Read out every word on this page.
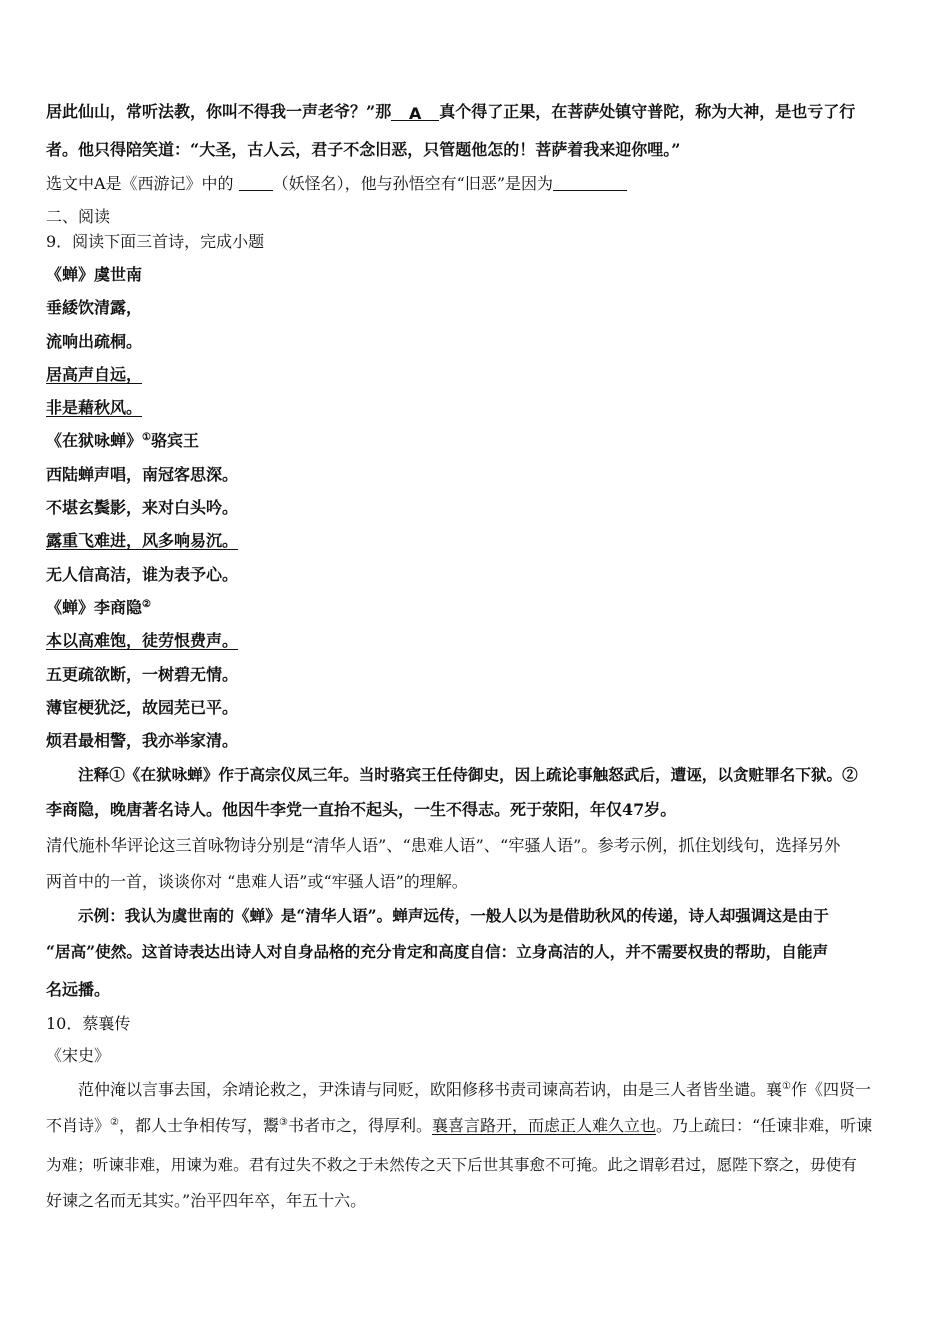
居此仙山，常听法教，你叫不得我一声老爷？”那 A 真个得了正果，在菩萨处镇守普陀，称为大神，是也亏了行
者。他只得陪笑道：“大圣，古人云，君子不念旧恶，只管题他怎的！菩萨着我来迎你哩。”
选文中A是《西游记》中的 （妖怪名），他与孙悟空有“旧恶”是因为
二、阅读
9．阅读下面三首诗，完成小题
《蝉》虞世南
垂緌饮清露，
流响出疏桐。
居高声自远，
非是藉秋风。
《在狱咏蝉》①骆宾王
西陆蝉声唱，南冠客思深。
不堪玄鬓影，来对白头吟。
露重飞难进，风多响易沉。
无人信高洁，谁为表予心。
《蝉》李商隐②
本以高难饱，徒劳恨费声。
五更疏欲断，一树碧无情。
薄宦梗犹泛，故园芜已平。
烦君最相警，我亦举家清。
注释①《在狱咏蝉》作于高宗仪凤三年。当时骆宾王任侍御史，因上疏论事触怒武后，遭诬，以贪赃罪名下狱。②
李商隐，晚唐著名诗人。他因牛李党一直抬不起头，一生不得志。死于荥阳，年仅47岁。
清代施朴华评论这三首咏物诗分别是“清华人语”、“患难人语”、“牢骚人语”。参考示例，抓住划线句，选择另外
两首中的一首，谈谈你对 “患难人语”或“牢骚人语”的理解。
示例：我认为虞世南的《蝉》是“清华人语”。蝉声远传，一般人以为是借助秋风的传递，诗人却强调这是由于
“居高”使然。这首诗表达出诗人对自身品格的充分肯定和高度自信：立身高洁的人，并不需要权贵的帮助，自能声
名远播。
10．蔡襄传
《宋史》
范仲淹以言事去国，余靖论救之，尹洙请与同贬，欧阳修移书责司谏高若讷，由是三人者皆坐谴。襄①作《四贤一
不肖诗》②，都人士争相传写，鬻③书者市之，得厚利。襄喜言路开，而虑正人难久立也。乃上疏曰：“任谏非难，听谏
为难；听谏非难，用谏为难。君有过失不救之于未然传之天下后世其事愈不可掩。此之谓彰君过，愿陛下察之，毋使有
好谏之名而无其实。”治平四年卒，年五十六。
